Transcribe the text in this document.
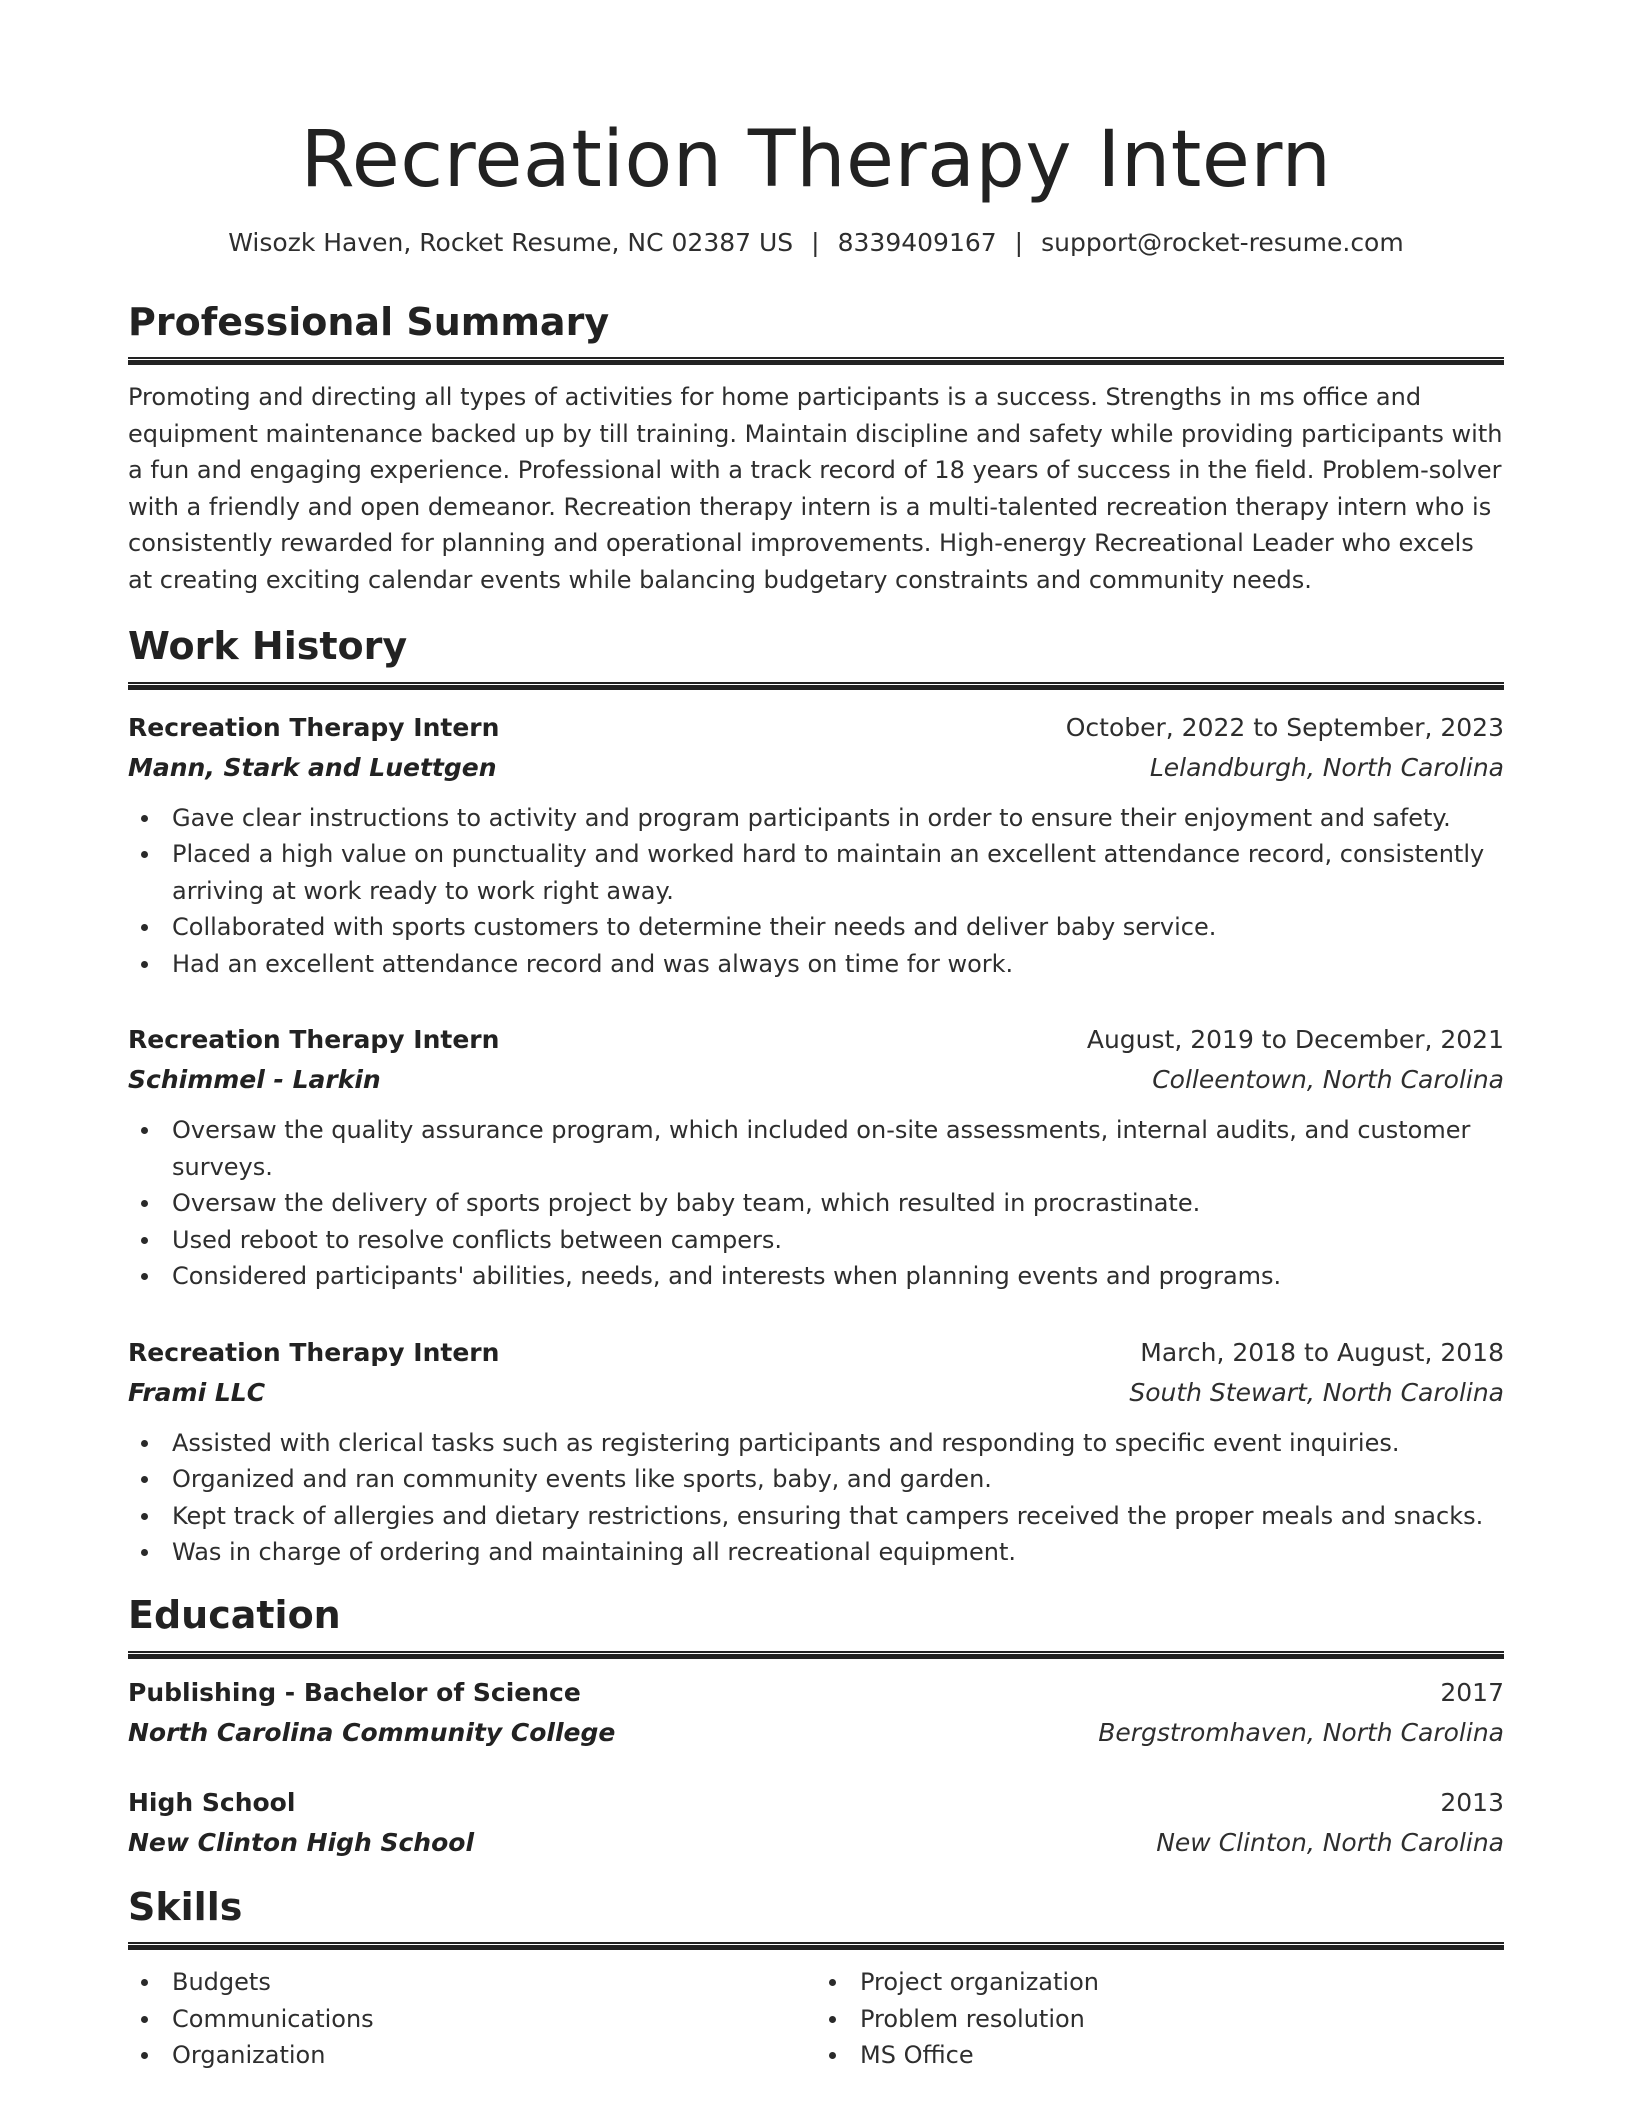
Recreation Therapy Intern
Wisozk Haven, Rocket Resume, NC 02387 US | 8339409167 | support@rocket-resume.com
Professional Summary

Promoting and directing all types of activities for home participants is a success. Strengths in ms office and equipment maintenance backed up by till training. Maintain discipline and safety while providing participants with a fun and engaging experience. Professional with a track record of 18 years of success in the field. Problem-solver with a friendly and open demeanor. Recreation therapy intern is a multi-talented recreation therapy intern who is consistently rewarded for planning and operational improvements. High-energy Recreational Leader who excels at creating exciting calendar events while balancing budgetary constraints and community needs.

Work History
Recreation Therapy Intern	October, 2022 to September, 2023
Mann, Stark and Luettgen	Lelandburgh, North Carolina
Gave clear instructions to activity and program participants in order to ensure their enjoyment and safety.
Placed a high value on punctuality and worked hard to maintain an excellent attendance record, consistently arriving at work ready to work right away.
Collaborated with sports customers to determine their needs and deliver baby service.
Had an excellent attendance record and was always on time for work.
Recreation Therapy Intern	August, 2019 to December, 2021
Schimmel - Larkin	Colleentown, North Carolina
Oversaw the quality assurance program, which included on-site assessments, internal audits, and customer surveys.
Oversaw the delivery of sports project by baby team, which resulted in procrastinate.
Used reboot to resolve conflicts between campers.
Considered participants' abilities, needs, and interests when planning events and programs.
Recreation Therapy Intern	March, 2018 to August, 2018
Frami LLC	South Stewart, North Carolina
Assisted with clerical tasks such as registering participants and responding to specific event inquiries.
Organized and ran community events like sports, baby, and garden.
Kept track of allergies and dietary restrictions, ensuring that campers received the proper meals and snacks.
Was in charge of ordering and maintaining all recreational equipment.
Education
Publishing - Bachelor of Science	2017
North Carolina Community College	Bergstromhaven, North Carolina
High School	2013
New Clinton High School	New Clinton, North Carolina
Skills
Budgets
Communications
Organization
Project organization
Problem resolution
MS Office
